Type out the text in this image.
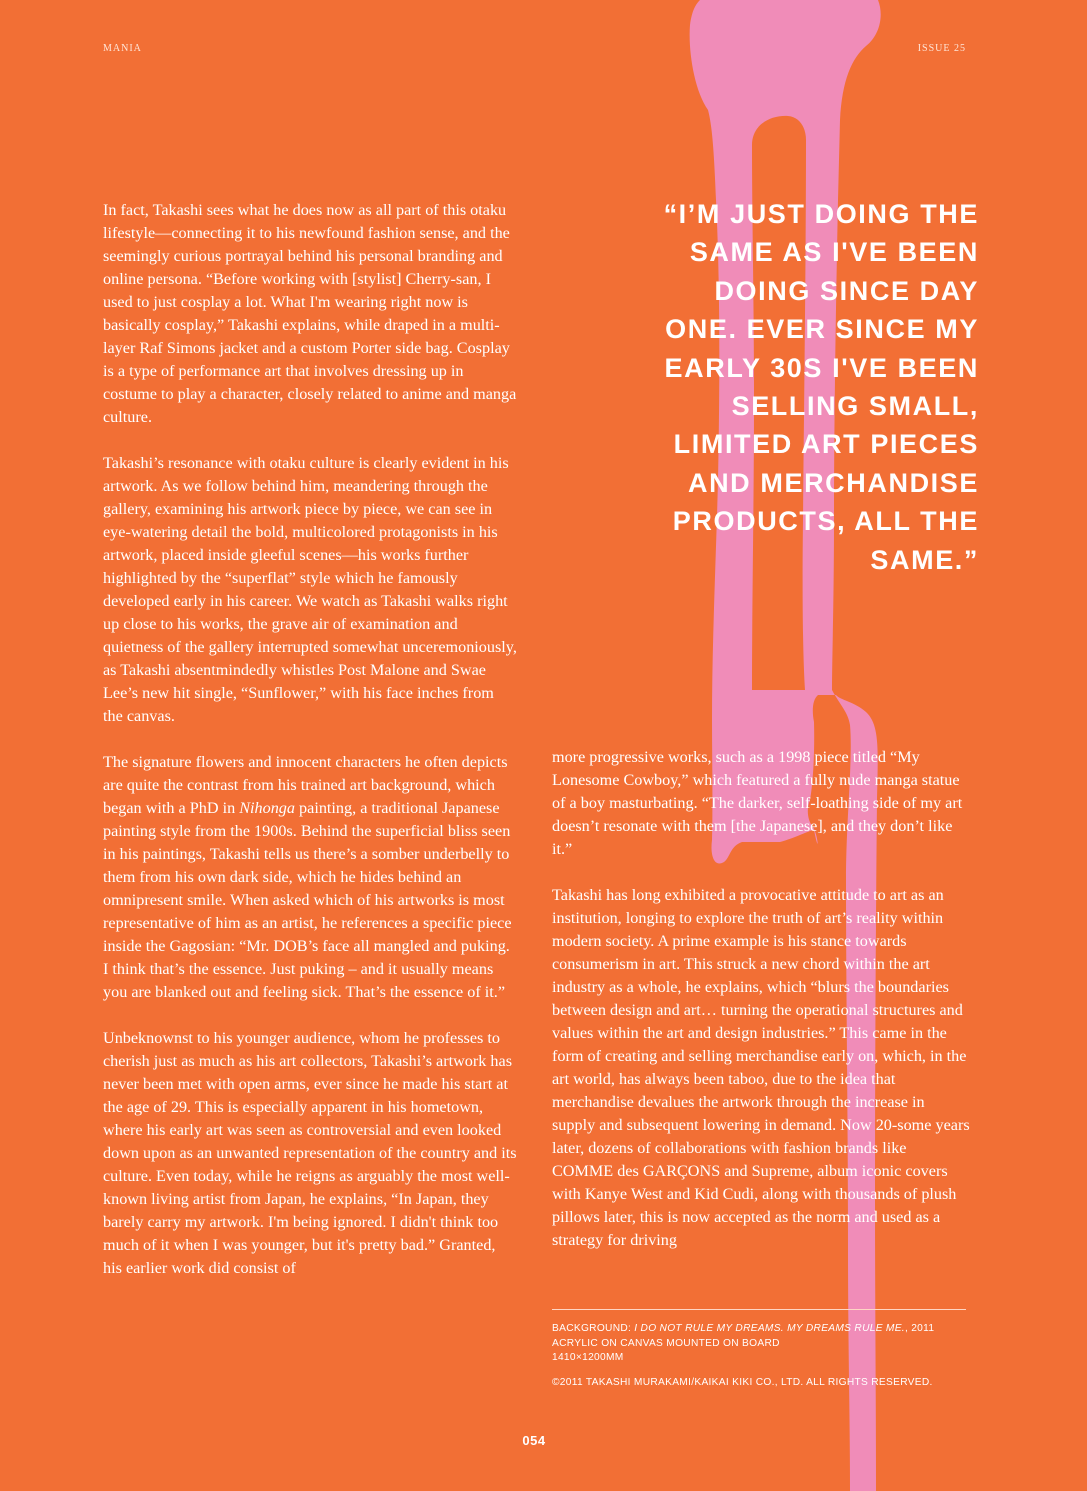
MANIA	ISSUE 25

In fact, Takashi sees what he does now as all part of this otaku lifestyle—connecting it to his newfound fashion sense, and the seemingly curious portrayal behind his personal branding and online persona. “Before working with [stylist] Cherry-san, I used to just cosplay a lot. What I'm wearing right now is basically cosplay,” Takashi explains, while draped in a multi-layer Raf Simons jacket and a custom Porter side bag. Cosplay is a type of performance art that involves dressing up in costume to play a character, closely related to anime and manga culture.

Takashi’s resonance with otaku culture is clearly evident in his artwork. As we follow behind him, meandering through the gallery, examining his artwork piece by piece, we can see in eye-watering detail the bold, multicolored protagonists in his artwork, placed inside gleeful scenes—his works further highlighted by the “superflat” style which he famously developed early in his career. We watch as Takashi walks right up close to his works, the grave air of examination and quietness of the gallery interrupted somewhat unceremoniously, as Takashi absentmindedly whistles Post Malone and Swae Lee’s new hit single, “Sunflower,” with his face inches from the canvas.

The signature flowers and innocent characters he often depicts are quite the contrast from his trained art background, which began with a PhD in Nihonga painting, a traditional Japanese painting style from the 1900s. Behind the superficial bliss seen in his paintings, Takashi tells us there’s a somber underbelly to them from his own dark side, which he hides behind an omnipresent smile. When asked which of his artworks is most representative of him as an artist, he references a specific piece inside the Gagosian: “Mr. DOB’s face all mangled and puking. I think that’s the essence. Just puking – and it usually means you are blanked out and feeling sick. That’s the essence of it.”

Unbeknownst to his younger audience, whom he professes to cherish just as much as his art collectors, Takashi’s artwork has never been met with open arms, ever since he made his start at the age of 29. This is especially apparent in his hometown, where his early art was seen as controversial and even looked down upon as an unwanted representation of the country and its culture. Even today, while he reigns as arguably the most well-known living artist from Japan, he explains, “In Japan, they barely carry my artwork. I'm being ignored. I didn't think too much of it when I was younger, but it's pretty bad.” Granted, his earlier work did consist of

“I’M JUST DOING THE SAME AS I'VE BEEN DOING SINCE DAY ONE. EVER SINCE MY EARLY 30S I'VE BEEN SELLING SMALL, LIMITED ART PIECES AND MERCHANDISE PRODUCTS, ALL THE SAME.”

more progressive works, such as a 1998 piece titled “My Lonesome Cowboy,” which featured a fully nude manga statue of a boy masturbating. “The darker, self-loathing side of my art doesn’t resonate with them [the Japanese], and they don’t like it.”

Takashi has long exhibited a provocative attitude to art as an institution, longing to explore the truth of art’s reality within modern society. A prime example is his stance towards consumerism in art. This struck a new chord within the art industry as a whole, he explains, which “blurs the boundaries between design and art… turning the operational structures and values within the art and design industries.” This came in the form of creating and selling merchandise early on, which, in the art world, has always been taboo, due to the idea that merchandise devalues the artwork through the increase in supply and subsequent lowering in demand. Now 20-some years later, dozens of collaborations with fashion brands like COMME des GARÇONS and Supreme, album iconic covers with Kanye West and Kid Cudi, along with thousands of plush pillows later, this is now accepted as the norm and used as a strategy for driving

BACKGROUND: I DO NOT RULE MY DREAMS. MY DREAMS RULE ME., 2011
ACRYLIC ON CANVAS MOUNTED ON BOARD
1410×1200MM
©2011 TAKASHI MURAKAMI/KAIKAI KIKI CO., LTD. ALL RIGHTS RESERVED.
054
